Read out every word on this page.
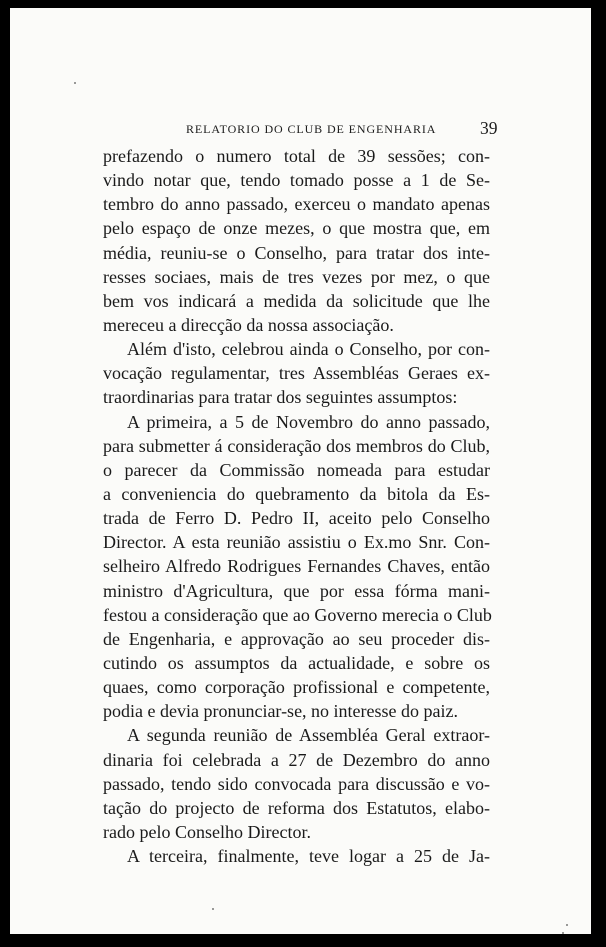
RELATORIO DO CLUB DE ENGENHARIA 39
prefazendo o numero total de 39 sessões; con-
vindo notar que, tendo tomado posse a 1 de Se-
tembro do anno passado, exerceu o mandato apenas
pelo espaço de onze mezes, o que mostra que, em
média, reuniu-se o Conselho, para tratar dos inte-
resses sociaes, mais de tres vezes por mez, o que
bem vos indicará a medida da solicitude que lhe
mereceu a direcção da nossa associação.
Além d'isto, celebrou ainda o Conselho, por con-
vocação regulamentar, tres Assembléas Geraes ex-
traordinarias para tratar dos seguintes assumptos:
A primeira, a 5 de Novembro do anno passado,
para submetter á consideração dos membros do Club,
o parecer da Commissão nomeada para estudar
a conveniencia do quebramento da bitola da Es-
trada de Ferro D. Pedro II, aceito pelo Conselho
Director. A esta reunião assistiu o Ex.mo Snr. Con-
selheiro Alfredo Rodrigues Fernandes Chaves, então
ministro d'Agricultura, que por essa fórma mani-
festou a consideração que ao Governo merecia o Club
de Engenharia, e approvação ao seu proceder dis-
cutindo os assumptos da actualidade, e sobre os
quaes, como corporação profissional e competente,
podia e devia pronunciar-se, no interesse do paiz.
A segunda reunião de Assembléa Geral extraor-
dinaria foi celebrada a 27 de Dezembro do anno
passado, tendo sido convocada para discussão e vo-
tação do projecto de reforma dos Estatutos, elabo-
rado pelo Conselho Director.
A terceira, finalmente, teve logar a 25 de Ja-
